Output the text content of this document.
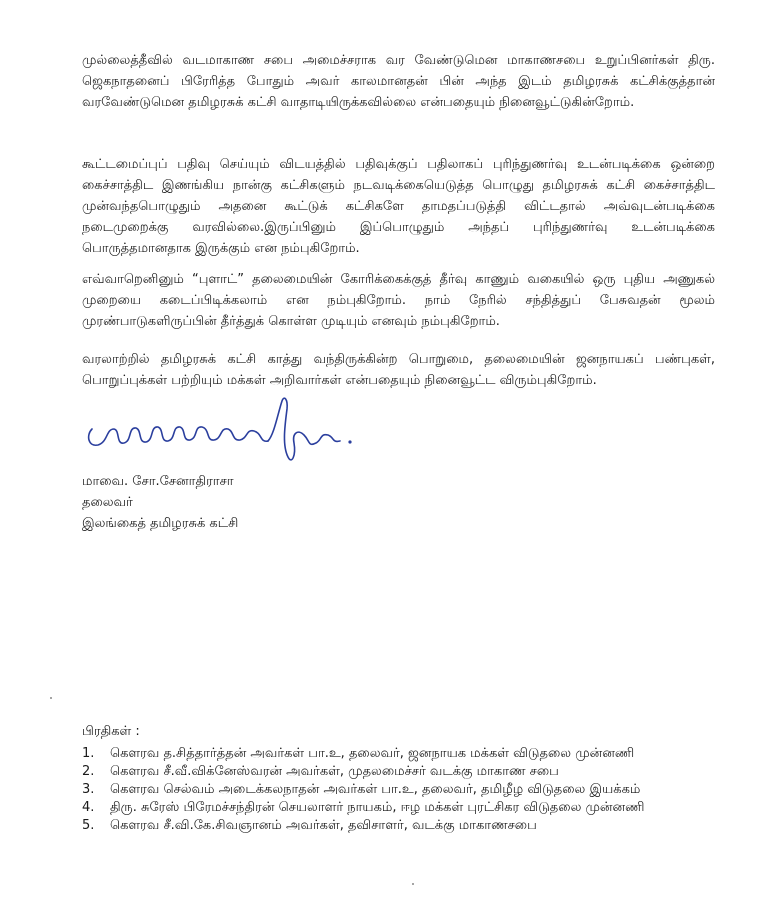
முல்லைத்தீவில் வடமாகாண சபை அமைச்சராக வர வேண்டுமென மாகாணசபை உறுப்பினர்கள் திரு. ஜெகநாதனைப் பிரேரித்த போதும் அவர் காலமானதன் பின் அந்த இடம் தமிழரசுக் கட்சிக்குத்தான் வரவேண்டுமென தமிழரசுக் கட்சி வாதாடியிருக்கவில்லை என்பதையும் நினைவூட்டுகின்றோம்.

கூட்டமைப்புப் பதிவு செய்யும் விடயத்தில் பதிவுக்குப் பதிலாகப் புரிந்துணர்வு உடன்படிக்கை ஒன்றை கைச்சாத்திட இணங்கிய நான்கு கட்சிகளும் நடவடிக்கையெடுத்த பொழுது தமிழரசுக் கட்சி கைச்சாத்திட முன்வந்தபொழுதும் அதனை கூட்டுக் கட்சிகளே தாமதப்படுத்தி விட்டதால் அவ்வுடன்படிக்கை நடைமுறைக்கு வரவில்லை.இருப்பினும் இப்பொழுதும் அந்தப் புரிந்துணர்வு உடன்படிக்கை பொருத்தமானதாக இருக்கும் என நம்புகிறோம்.

எவ்வாறெனினும் “புளாட்” தலைமையின் கோரிக்கைக்குத் தீர்வு காணும் வகையில் ஒரு புதிய அணுகல் முறையை கடைப்பிடிக்கலாம் என நம்புகிறோம். நாம் நேரில் சந்தித்துப் பேசுவதன் மூலம் முரண்பாடுகளிருப்பின் தீர்த்துக் கொள்ள முடியும் எனவும் நம்புகிறோம்.

வரலாற்றில் தமிழரசுக் கட்சி காத்து வந்திருக்கின்ற பொறுமை, தலைமையின் ஜனநாயகப் பண்புகள், பொறுப்புக்கள் பற்றியும் மக்கள் அறிவார்கள் என்பதையும் நினைவூட்ட விரும்புகிறோம்.

மாவை. சோ.சேனாதிராசா
தலைவர்
இலங்கைத் தமிழரசுக் கட்சி
பிரதிகள் :
1.	கௌரவ த.சித்தார்த்தன் அவர்கள் பா.உ, தலைவர், ஜனநாயக மக்கள் விடுதலை முன்னணி
2.	கௌரவ சீ.வீ.விக்னேஸ்வரன் அவர்கள், முதலமைச்சர் வடக்கு மாகாண சபை
3.	கௌரவ செல்வம் அடைக்கலநாதன் அவர்கள் பா.உ, தலைவர், தமிழீழ விடுதலை இயக்கம்
4.	திரு. சுரேஸ் பிரேமச்சந்திரன் செயலாளர் நாயகம், ஈழ மக்கள் புரட்சிகர விடுதலை முன்னணி
5.	கௌரவ சீ.வி.கே.சிவஞானம் அவர்கள், தவிசாளர், வடக்கு மாகாணசபை
